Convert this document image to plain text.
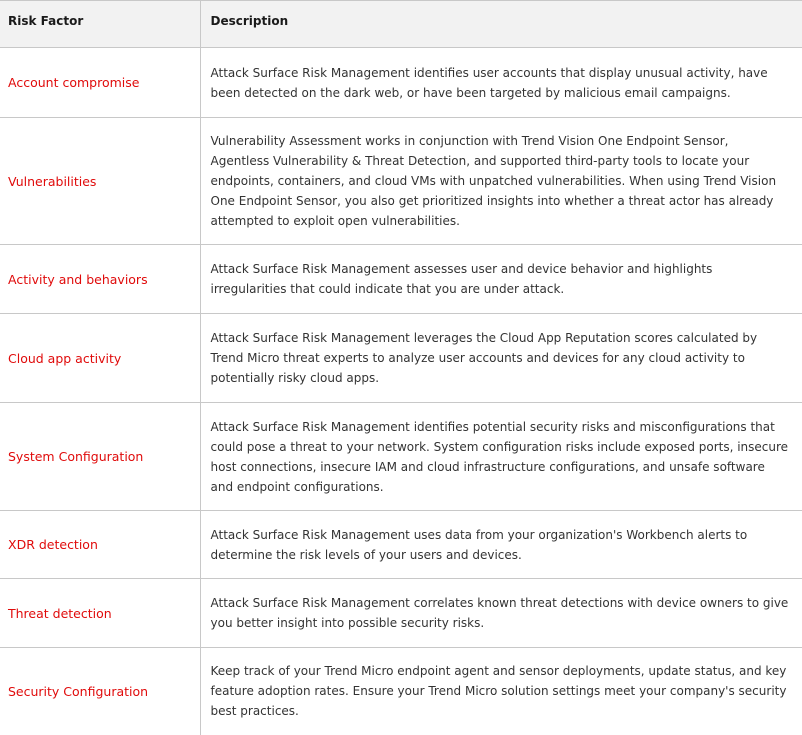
Risk Factor	Description
Account compromise	Attack Surface Risk Management identifies user accounts that display unusual activity, have been detected on the dark web, or have been targeted by malicious email campaigns.
Vulnerabilities	Vulnerability Assessment works in conjunction with Trend Vision One Endpoint Sensor, Agentless Vulnerability & Threat Detection, and supported third-party tools to locate your endpoints, containers, and cloud VMs with unpatched vulnerabilities. When using Trend Vision One Endpoint Sensor, you also get prioritized insights into whether a threat actor has already attempted to exploit open vulnerabilities.
Activity and behaviors	Attack Surface Risk Management assesses user and device behavior and highlights irregularities that could indicate that you are under attack.
Cloud app activity	Attack Surface Risk Management leverages the Cloud App Reputation scores calculated by Trend Micro threat experts to analyze user accounts and devices for any cloud activity to potentially risky cloud apps.
System Configuration	Attack Surface Risk Management identifies potential security risks and misconfigurations that could pose a threat to your network. System configuration risks include exposed ports, insecure host connections, insecure IAM and cloud infrastructure configurations, and unsafe software and endpoint configurations.
XDR detection	Attack Surface Risk Management uses data from your organization's Workbench alerts to determine the risk levels of your users and devices.
Threat detection	Attack Surface Risk Management correlates known threat detections with device owners to give you better insight into possible security risks.
Security Configuration	Keep track of your Trend Micro endpoint agent and sensor deployments, update status, and key feature adoption rates. Ensure your Trend Micro solution settings meet your company's security best practices.
